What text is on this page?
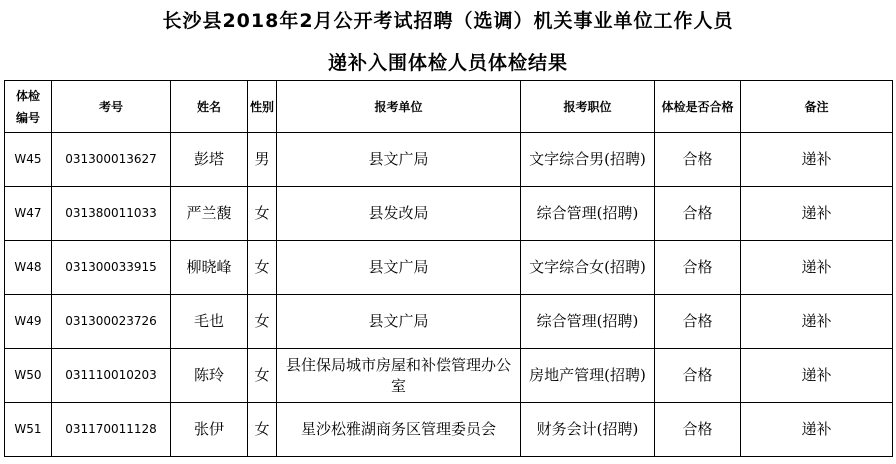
长沙县2018年2月公开考试招聘（选调）机关事业单位工作人员
递补入围体检人员体检结果
体检编号	考号	姓名	性别	报考单位	报考职位	体检是否合格	备注
W45	031300013627	彭塔	男	县文广局	文字综合男(招聘)	合格	递补
W47	031380011033	严兰馥	女	县发改局	综合管理(招聘)	合格	递补
W48	031300033915	柳晓峰	女	县文广局	文字综合女(招聘)	合格	递补
W49	031300023726	毛也	女	县文广局	综合管理(招聘)	合格	递补
W50	031110010203	陈玲	女	县住保局城市房屋和补偿管理办公室	房地产管理(招聘)	合格	递补
W51	031170011128	张伊	女	星沙松雅湖商务区管理委员会	财务会计(招聘)	合格	递补
